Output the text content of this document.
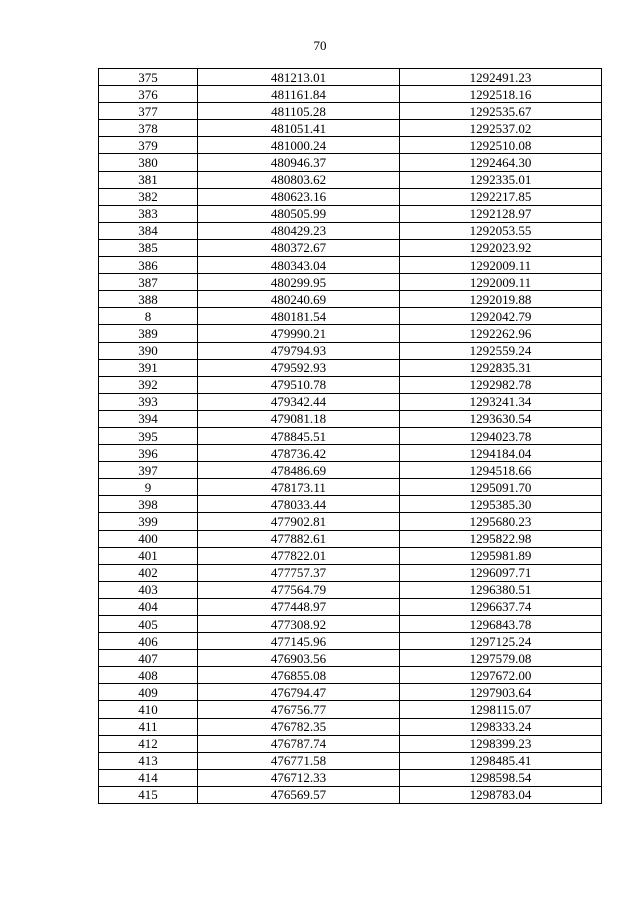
70
375	481213.01	1292491.23
376	481161.84	1292518.16
377	481105.28	1292535.67
378	481051.41	1292537.02
379	481000.24	1292510.08
380	480946.37	1292464.30
381	480803.62	1292335.01
382	480623.16	1292217.85
383	480505.99	1292128.97
384	480429.23	1292053.55
385	480372.67	1292023.92
386	480343.04	1292009.11
387	480299.95	1292009.11
388	480240.69	1292019.88
8	480181.54	1292042.79
389	479990.21	1292262.96
390	479794.93	1292559.24
391	479592.93	1292835.31
392	479510.78	1292982.78
393	479342.44	1293241.34
394	479081.18	1293630.54
395	478845.51	1294023.78
396	478736.42	1294184.04
397	478486.69	1294518.66
9	478173.11	1295091.70
398	478033.44	1295385.30
399	477902.81	1295680.23
400	477882.61	1295822.98
401	477822.01	1295981.89
402	477757.37	1296097.71
403	477564.79	1296380.51
404	477448.97	1296637.74
405	477308.92	1296843.78
406	477145.96	1297125.24
407	476903.56	1297579.08
408	476855.08	1297672.00
409	476794.47	1297903.64
410	476756.77	1298115.07
411	476782.35	1298333.24
412	476787.74	1298399.23
413	476771.58	1298485.41
414	476712.33	1298598.54
415	476569.57	1298783.04
